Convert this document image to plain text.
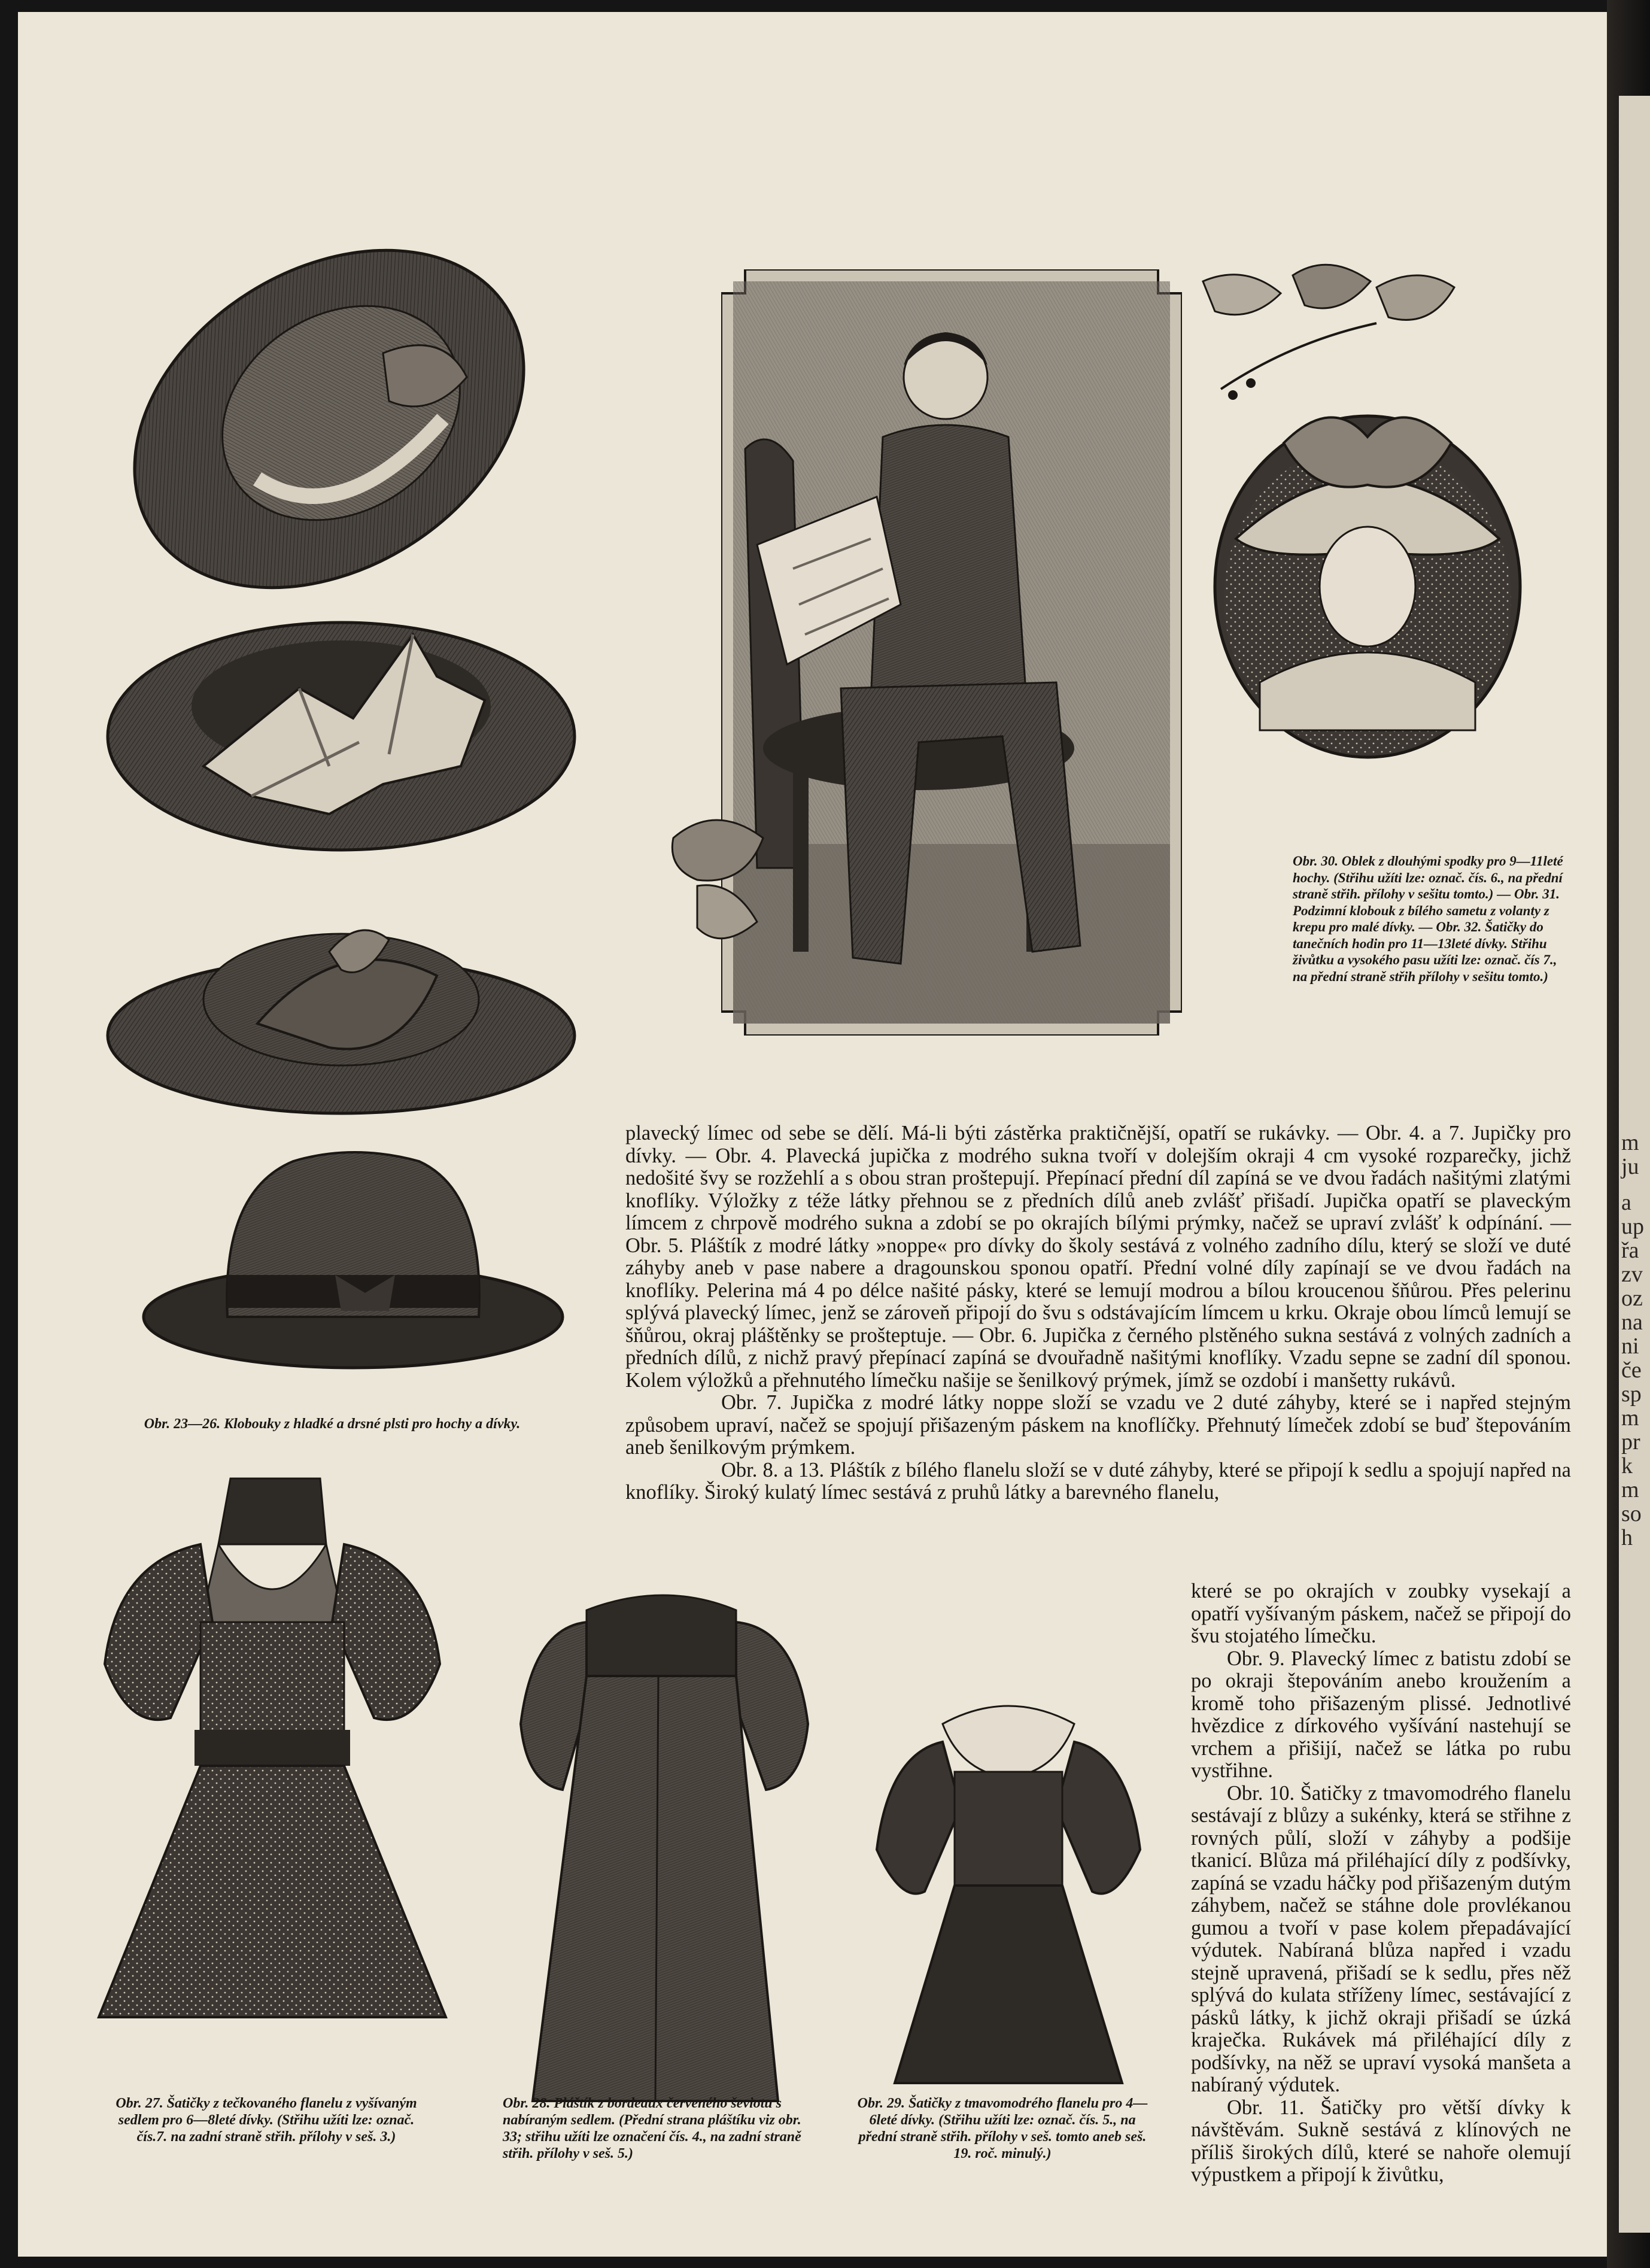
Obr. 23—26. Klobouky z hladké a drsné plsti pro hochy a dívky.
Obr. 30. Oblek z dlouhými spodky pro 9—11leté hochy. (Střihu užíti lze: označ. čís. 6., na přední straně střih. přílohy v sešitu tomto.) — Obr. 31. Podzimní klobouk z bílého sametu z volanty z krepu pro malé dívky. — Obr. 32. Šatičky do tanečních hodin pro 11—13leté dívky. Střihu živůtku a vysokého pasu užíti lze: označ. čís 7., na přední straně střih přílohy v sešitu tomto.)
Obr. 27. Šatičky z tečkovaného flanelu z vyšívaným sedlem pro 6—8leté dívky. (Střihu užíti lze: označ. čís.7. na zadní straně střih. přílohy v seš. 3.)
Obr. 28. Pláštík z bordeaux červeného ševiotu s nabíraným sedlem. (Přední strana pláštíku viz obr. 33; střihu užíti lze označení čís. 4., na zadní straně střih. přílohy v seš. 5.)
Obr. 29. Šatičky z tmavomodrého flanelu pro 4—6leté dívky. (Střihu užíti lze: označ. čís. 5., na přední straně střih. přílohy v seš. tomto aneb seš. 19. roč. minulý.)

plavecký límec od sebe se dělí. Má-li býti zástěrka praktičnější, opatří se rukávky. — Obr. 4. a 7. Jupičky pro dívky. — Obr. 4. Plavecká jupička z modrého sukna tvoří v dolejším okraji 4 cm vysoké rozparečky, jichž nedošité švy se rozžehlí a s obou stran proštepují. Přepínací přední díl zapíná se ve dvou řadách našitými zlatými knoflíky. Výložky z téže látky přehnou se z předních dílů aneb zvlášť přišadí. Jupička opatří se plaveckým límcem z chrpově modrého sukna a zdobí se po okrajích bílými prýmky, načež se upraví zvlášť k odpínání. — Obr. 5. Pláštík z modré látky »noppe« pro dívky do školy sestává z volného zadního dílu, který se složí ve duté záhyby aneb v pase nabere a dragounskou sponou opatří. Přední volné díly zapínají se ve dvou řadách na knoflíky. Pelerina má 4 po délce našité pásky, které se lemují modrou a bílou kroucenou šňůrou. Přes pelerinu splývá plavecký límec, jenž se zároveň připojí do švu s odstávajícím límcem u krku. Okraje obou límců lemují se šňůrou, okraj pláštěnky se prošteptuje. — Obr. 6. Jupička z černého plstěného sukna sestává z volných zadních a předních dílů, z nichž pravý přepínací zapíná se dvouřadně našitými knoflíky. Vzadu sepne se zadní díl sponou. Kolem výložků a přehnutého límečku našije se šenilkový prýmek, jímž se ozdobí i manšetty rukávů.

Obr. 7. Jupička z modré látky noppe složí se vzadu ve 2 duté záhyby, které se i napřed stejným způsobem upraví, načež se spojují přišazeným páskem na knoflíčky. Přehnutý límeček zdobí se buď štepováním aneb šenilkovým prýmkem.

Obr. 8. a 13. Pláštík z bílého flanelu složí se v duté záhyby, které se připojí k sedlu a spojují napřed na knoflíky. Široký kulatý límec sestává z pruhů látky a barevného flanelu,

které se po okrajích v zoubky vysekají a opatří vyšívaným páskem, načež se připojí do švu stojatého límečku.

Obr. 9. Plavecký límec z batistu zdobí se po okraji štepováním anebo kroužením a kromě toho přišazeným plissé. Jednotlivé hvězdice z dírkového vyšívání nastehují se vrchem a přišijí, načež se látka po rubu vystřihne.

Obr. 10. Šatičky z tmavomodrého flanelu sestávají z blůzy a sukénky, která se střihne z rovných půlí, složí v záhyby a podšije tkanicí. Blůza má přiléhající díly z podšívky, zapíná se vzadu háčky pod přišazeným dutým záhybem, načež se stáhne dole provlékanou gumou a tvoří v pase kolem přepadávající výdutek. Nabíraná blůza napřed i vzadu stejně upravená, přišadí se k sedlu, přes něž splývá do kulata stříženy límec, sestávající z pásků látky, k jichž okraji přišadí se úzká kraječka. Rukávek má přiléhající díly z podšívky, na něž se upraví vysoká manšeta a nabíraný výdutek.

Obr. 11. Šatičky pro větší dívky k návštěvám. Sukně sestává z klínových ne příliš širokých dílů, které se nahoře olemují výpustkem a připojí k živůtku,

m
ju
a
up
řa
zv
oz
na
ni
če
sp
m
pr
k
m
so
h
